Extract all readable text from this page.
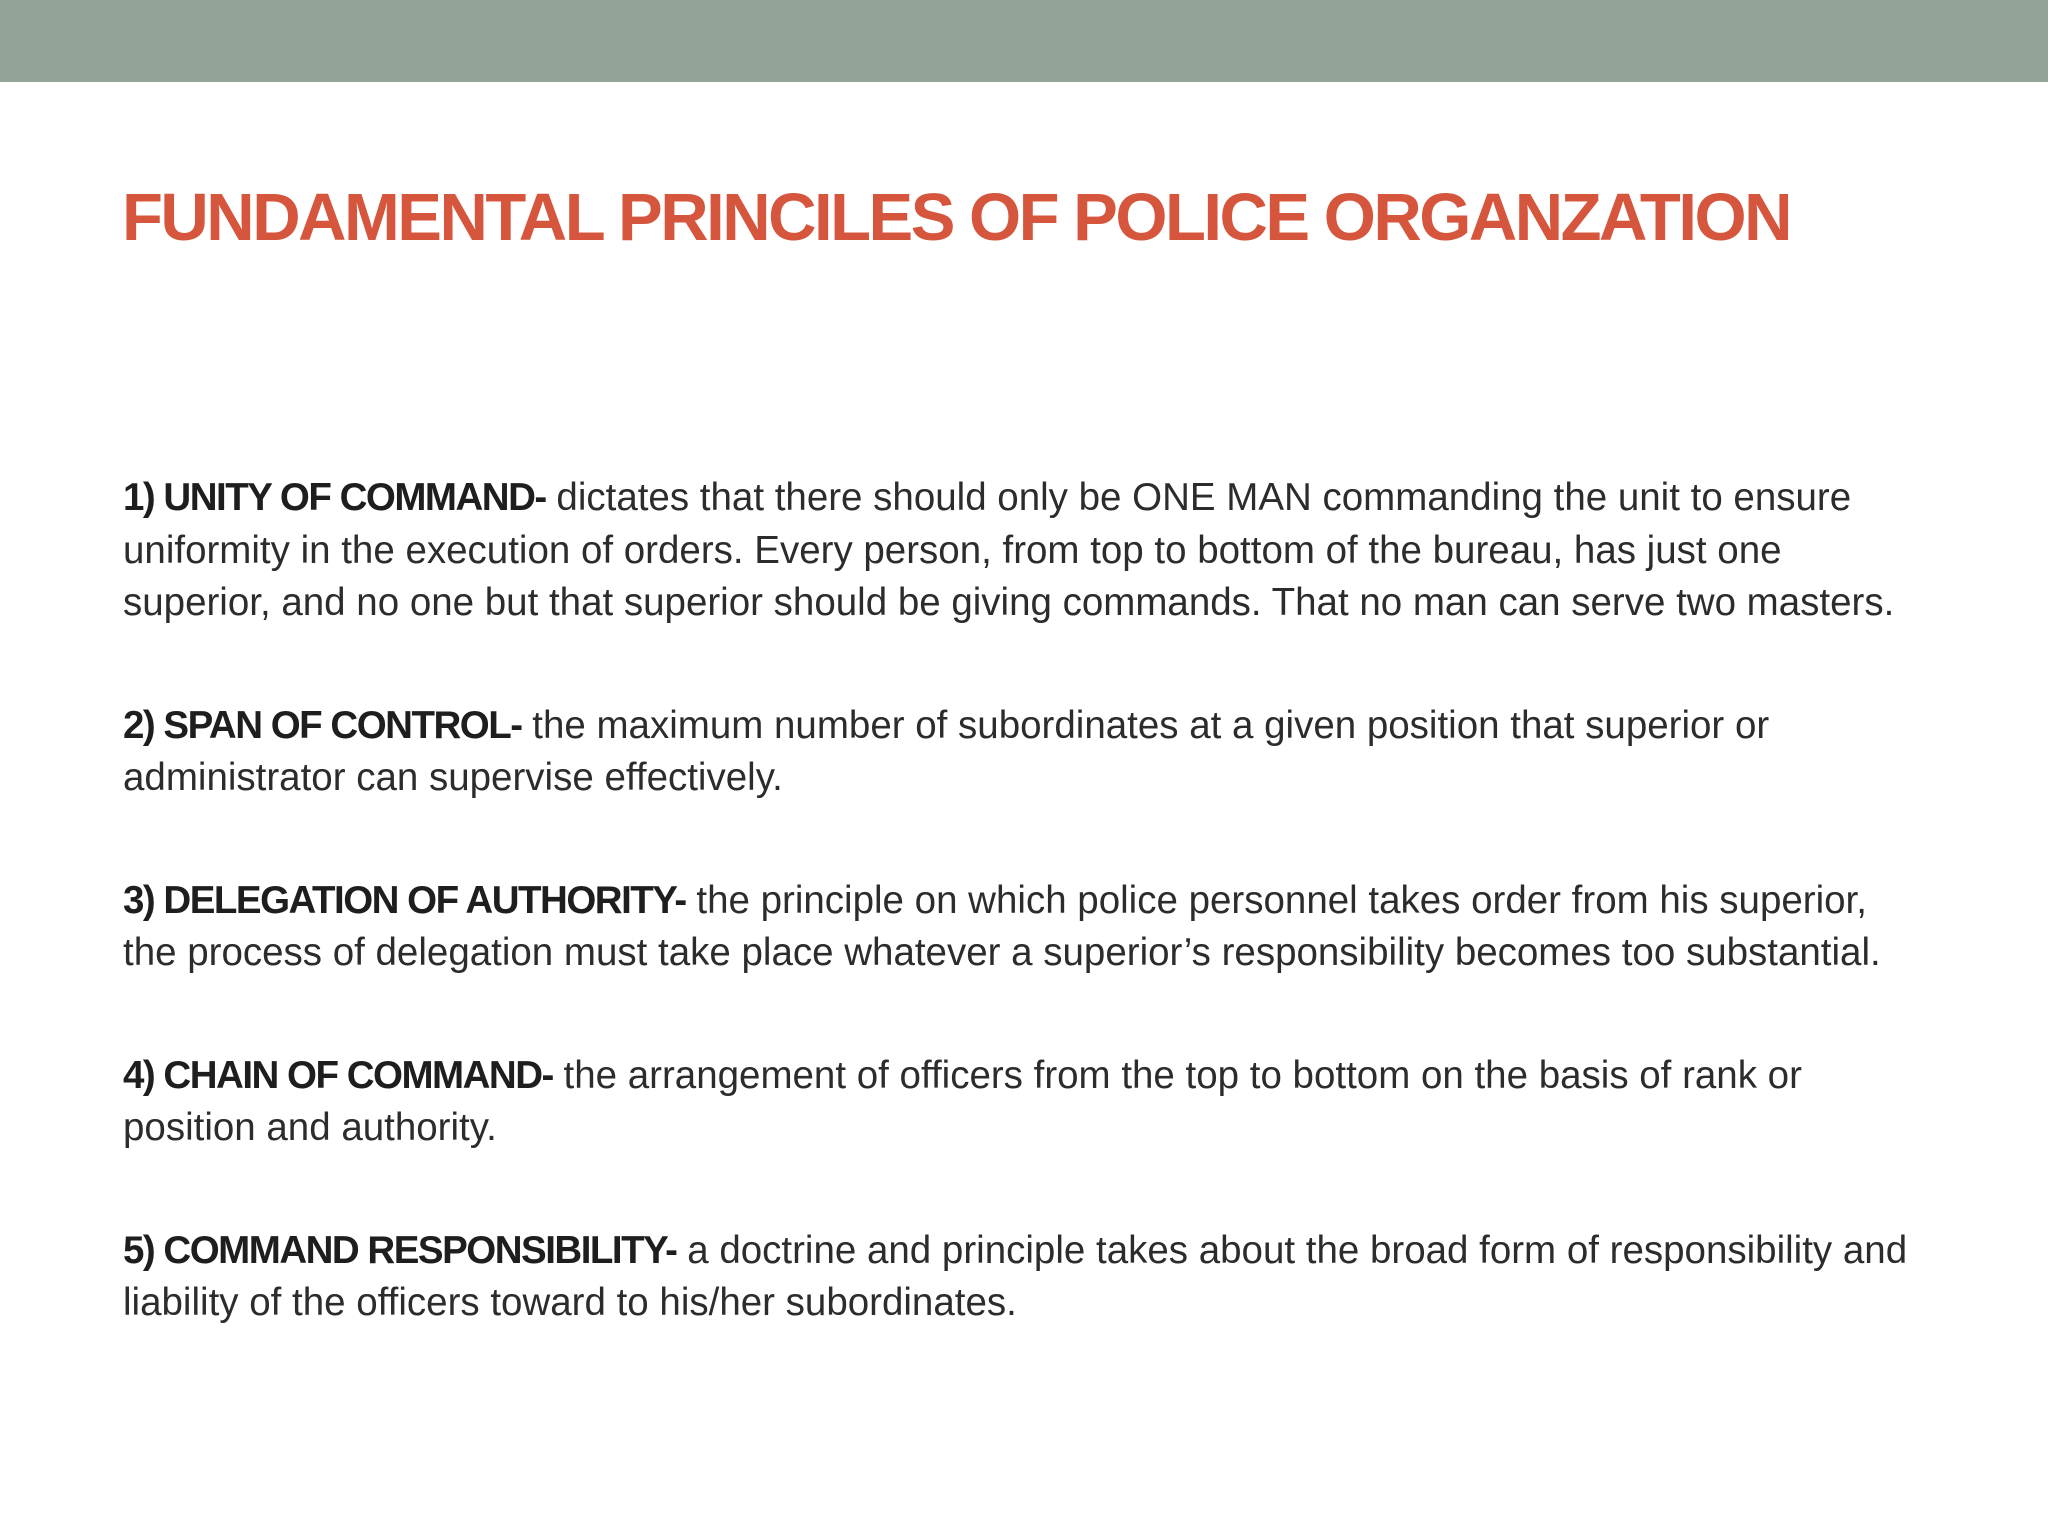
FUNDAMENTAL PRINCILES OF POLICE ORGANZATION

1) UNITY OF COMMAND- dictates that there should only be ONE MAN commanding the unit to ensure uniformity in the execution of orders. Every person, from top to bottom of the bureau, has just one superior, and no one but that superior should be giving commands. That no man can serve two masters.

2) SPAN OF CONTROL- the maximum number of subordinates at a given position that superior or administrator can supervise effectively.

3) DELEGATION OF AUTHORITY- the principle on which police personnel takes order from his superior, the process of delegation must take place whatever a superior’s responsibility becomes too substantial.

4) CHAIN OF COMMAND- the arrangement of officers from the top to bottom on the basis of rank or position and authority.

5) COMMAND RESPONSIBILITY- a doctrine and principle takes about the broad form of responsibility and liability of the officers toward to his/her subordinates.
